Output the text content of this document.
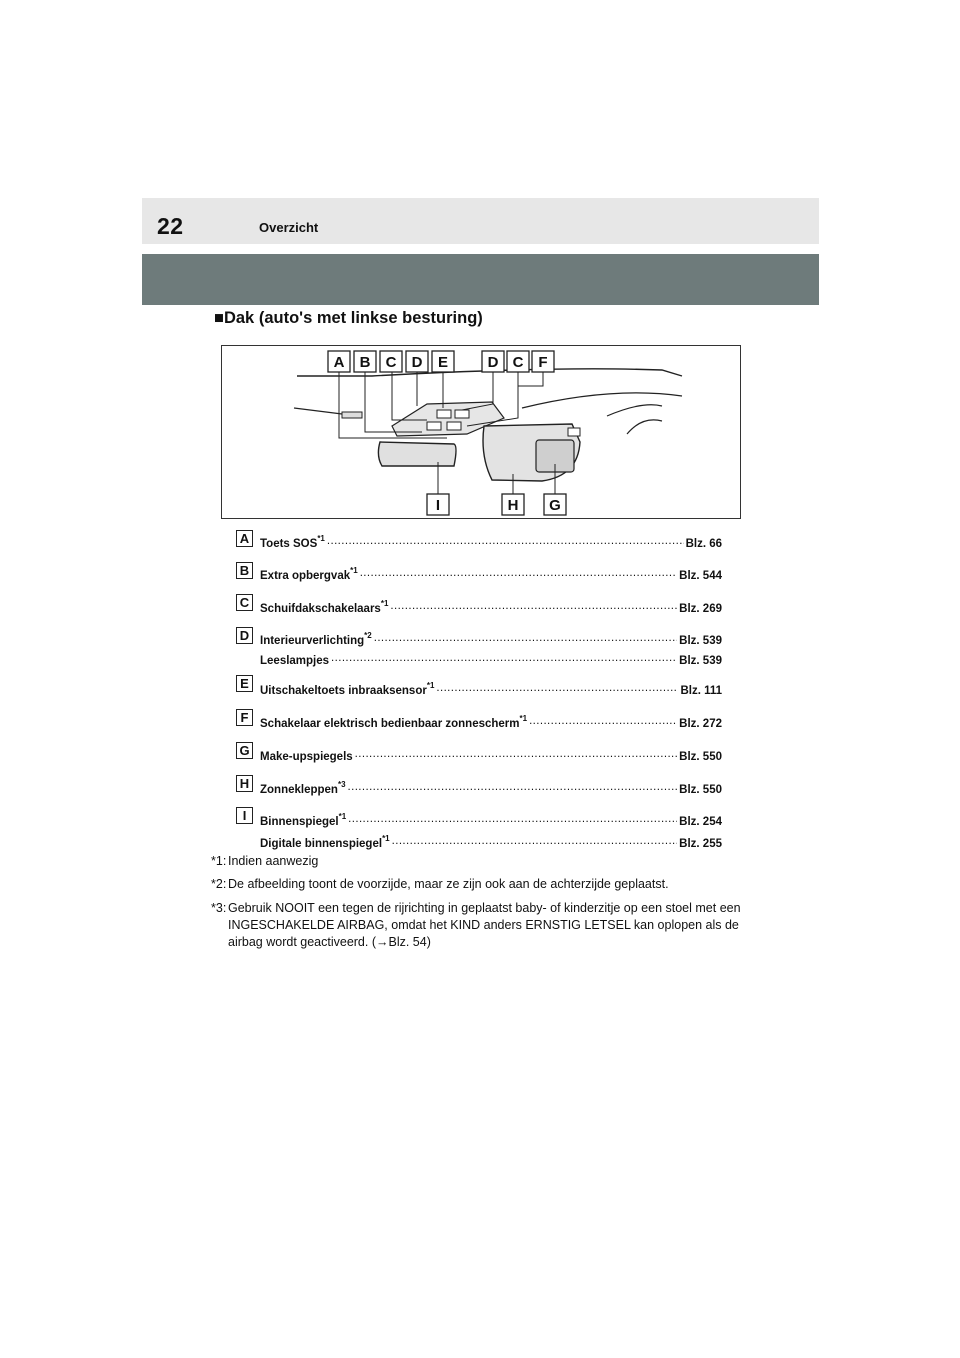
22	Overzicht
■Dak (auto's met linkse besturing)
A B C D E	D C F
I	H G
A Toets SOS$^{*1}$ .....	Blz. 66
B Extra opbergvak$^{*1}$ .....	Blz. 544
C Schuifdakschakelaars$^{*1}$ .....	Blz. 269
D Interieurverlichting$^{*2}$ .....	Blz. 539
Leeslampjes .....	Blz. 539
E Uitschakeltoets inbraaksensor$^{*1}$ .....	Blz. 111
F	Schakelaar elektrisch bedienbaar zonnescherm$^{*1}$ .....	Blz. 272
G Make-upspiegels .....	Blz. 550
H Zonnekleppen$^{*3}$ .....	Blz. 550
I	Binnenspiegel$^{*1}$ .....	Blz. 254
Digitale binnenspiegel$^{*1}$ .....	Blz. 255
*1: Indien aanwezig
*2: De afbeelding toont de voorzijde, maar ze zijn ook aan de achterzijde geplaatst.
*3: Gebruik NOOIT een tegen de rijrichting in geplaatst baby- of kinderzitje op een stoel met een INGESCHAKELDE AIRBAG, omdat het KIND anders ERNSTIG LETSEL kan oplopen als de airbag wordt geactiveerd. (→Blz. 54)
